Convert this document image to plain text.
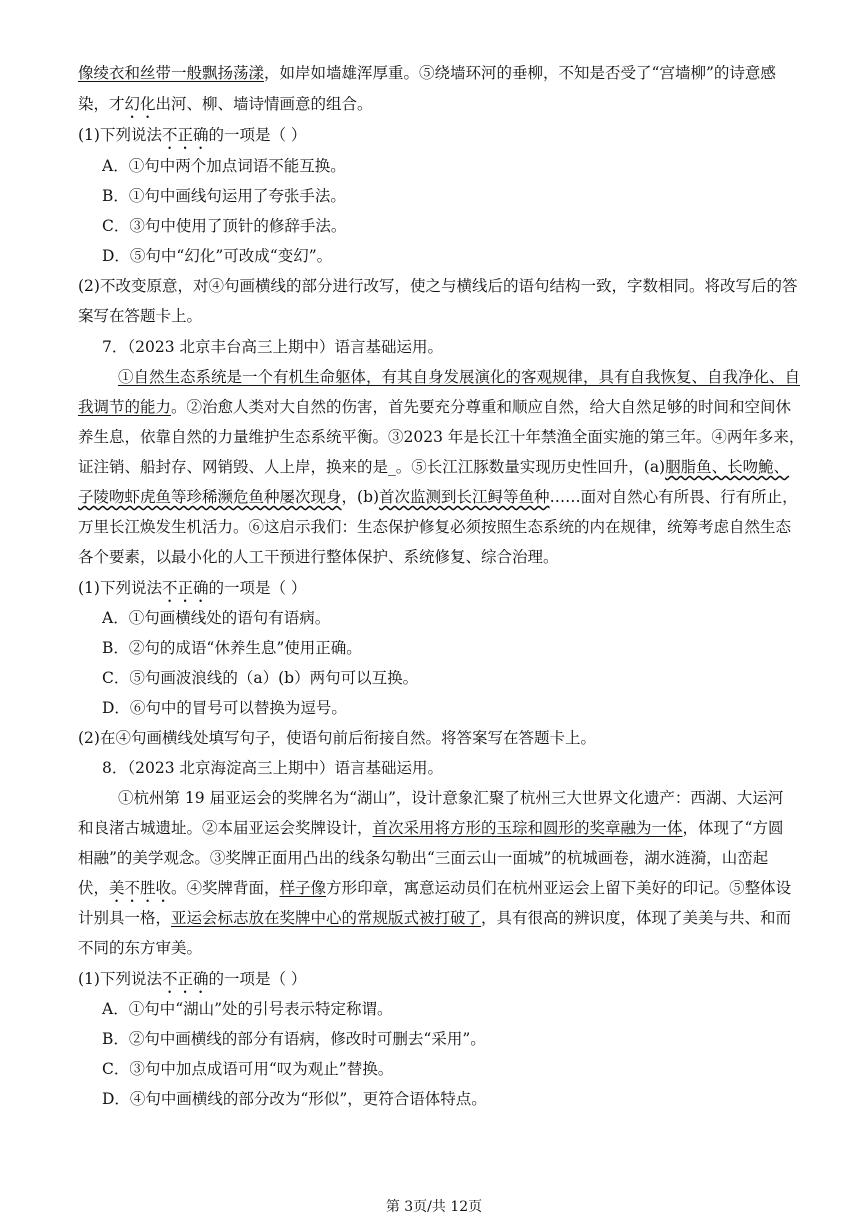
像绫衣和丝带一般飘扬荡漾，如岸如墙雄浑厚重。⑤绕墙环河的垂柳，不知是否受了“宫墙柳”的诗意感
染，才幻化出河、柳、墙诗情画意的组合。
(1)下列说法不正确的一项是（ ）
A．①句中两个加点词语不能互换。
B．①句中画线句运用了夸张手法。
C．③句中使用了顶针的修辞手法。
D．⑤句中“幻化”可改成“变幻”。
(2)不改变原意，对④句画横线的部分进行改写，使之与横线后的语句结构一致，字数相同。将改写后的答
案写在答题卡上。
7．（2023 北京丰台高三上期中）语言基础运用。
①自然生态系统是一个有机生命躯体，有其自身发展演化的客观规律，具有自我恢复、自我净化、自
我调节的能力。②治愈人类对大自然的伤害，首先要充分尊重和顺应自然，给大自然足够的时间和空间休
养生息，依靠自然的力量维护生态系统平衡。③2023 年是长江十年禁渔全面实施的第三年。④两年多来，
证注销、船封存、网销毁、人上岸，换来的是_。⑤长江江豚数量实现历史性回升，(a)胭脂鱼、长吻鮠、
子陵吻虾虎鱼等珍稀濒危鱼种屡次现身，(b)首次监测到长江鲟等鱼种……面对自然心有所畏、行有所止，
万里长江焕发生机活力。⑥这启示我们：生态保护修复必须按照生态系统的内在规律，统筹考虑自然生态
各个要素，以最小化的人工干预进行整体保护、系统修复、综合治理。
(1)下列说法不正确的一项是（ ）
A．①句画横线处的语句有语病。
B．②句的成语“休养生息”使用正确。
C．⑤句画波浪线的（a）(b）两句可以互换。
D．⑥句中的冒号可以替换为逗号。
(2)在④句画横线处填写句子，使语句前后衔接自然。将答案写在答题卡上。
8．（2023 北京海淀高三上期中）语言基础运用。
①杭州第 19 届亚运会的奖牌名为“湖山”，设计意象汇聚了杭州三大世界文化遗产：西湖、大运河
和良渚古城遗址。②本届亚运会奖牌设计，首次采用将方形的玉琮和圆形的奖章融为一体，体现了“方圆
相融”的美学观念。③奖牌正面用凸出的线条勾勒出“三面云山一面城”的杭城画卷，湖水涟漪，山峦起
伏，美不胜收。④奖牌背面，样子像方形印章，寓意运动员们在杭州亚运会上留下美好的印记。⑤整体设
计别具一格，亚运会标志放在奖牌中心的常规版式被打破了，具有很高的辨识度，体现了美美与共、和而
不同的东方审美。
(1)下列说法不正确的一项是（ ）
A．①句中“湖山”处的引号表示特定称谓。
B．②句中画横线的部分有语病，修改时可删去“采用”。
C．③句中加点成语可用“叹为观止”替换。
D．④句中画横线的部分改为“形似”，更符合语体特点。
第 3页/共 12页
